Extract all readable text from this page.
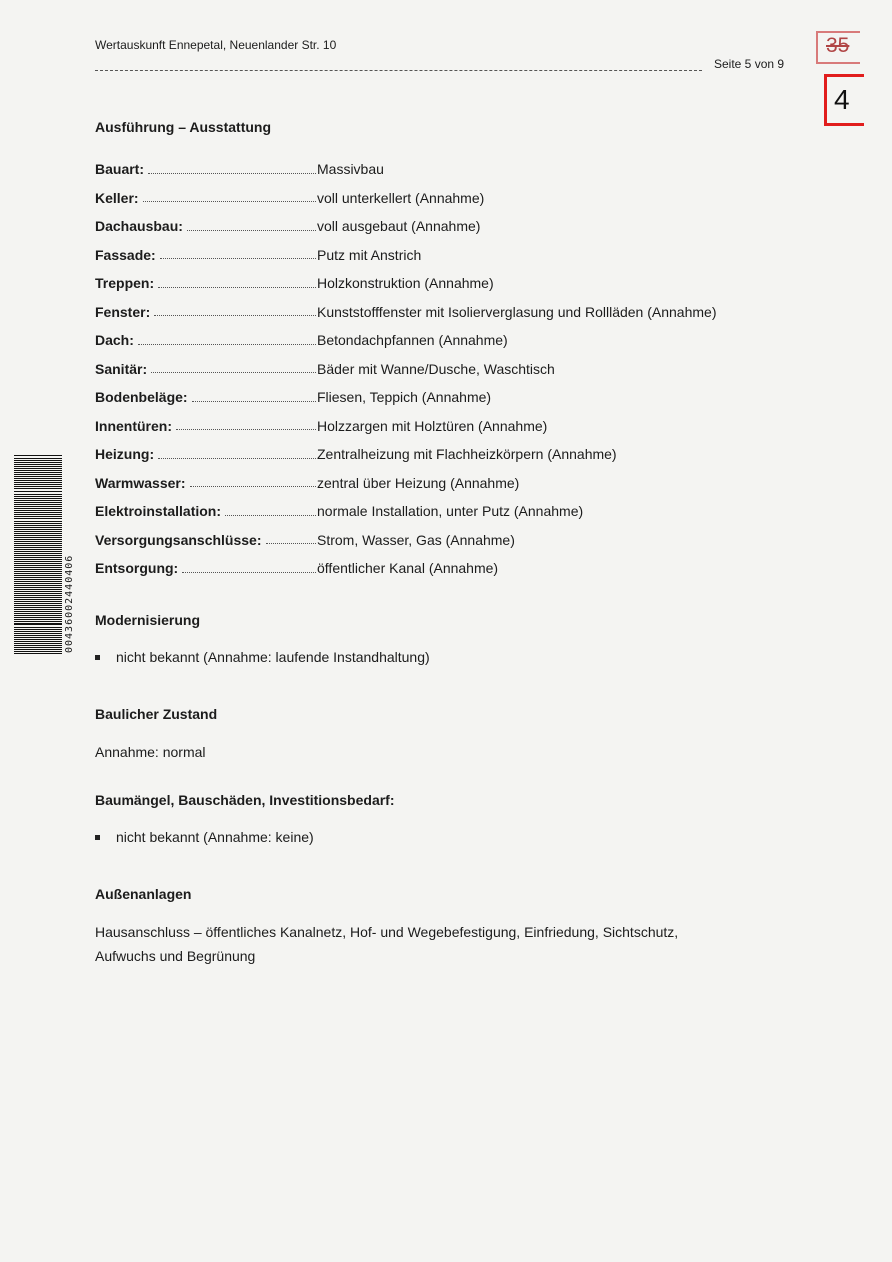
Wertauskunft Ennepetal, Neuenlander Str. 10
Seite 5 von 9
35
4
00436002440406
Ausführung – Ausstattung
Bauart:	Massivbau
Keller:	voll unterkellert (Annahme)
Dachausbau:	voll ausgebaut (Annahme)
Fassade:	Putz mit Anstrich
Treppen:	Holzkonstruktion (Annahme)
Fenster:	Kunststofffenster mit Isolierverglasung und Rollläden (Annahme)
Dach:	Betondachpfannen (Annahme)
Sanitär:	Bäder mit Wanne/Dusche, Waschtisch
Bodenbeläge:	Fliesen, Teppich (Annahme)
Innentüren:	Holzzargen mit Holztüren (Annahme)
Heizung:	Zentralheizung mit Flachheizkörpern (Annahme)
Warmwasser:	zentral über Heizung (Annahme)
Elektroinstallation:	normale Installation, unter Putz (Annahme)
Versorgungsanschlüsse:	Strom, Wasser, Gas (Annahme)
Entsorgung:	öffentlicher Kanal (Annahme)
Modernisierung
nicht bekannt (Annahme: laufende Instandhaltung)
Baulicher Zustand
Annahme: normal
Baumängel, Bauschäden, Investitionsbedarf:
nicht bekannt (Annahme: keine)
Außenanlagen
Hausanschluss – öffentliches Kanalnetz, Hof- und Wegebefestigung, Einfriedung, Sichtschutz,
Aufwuchs und Begrünung
